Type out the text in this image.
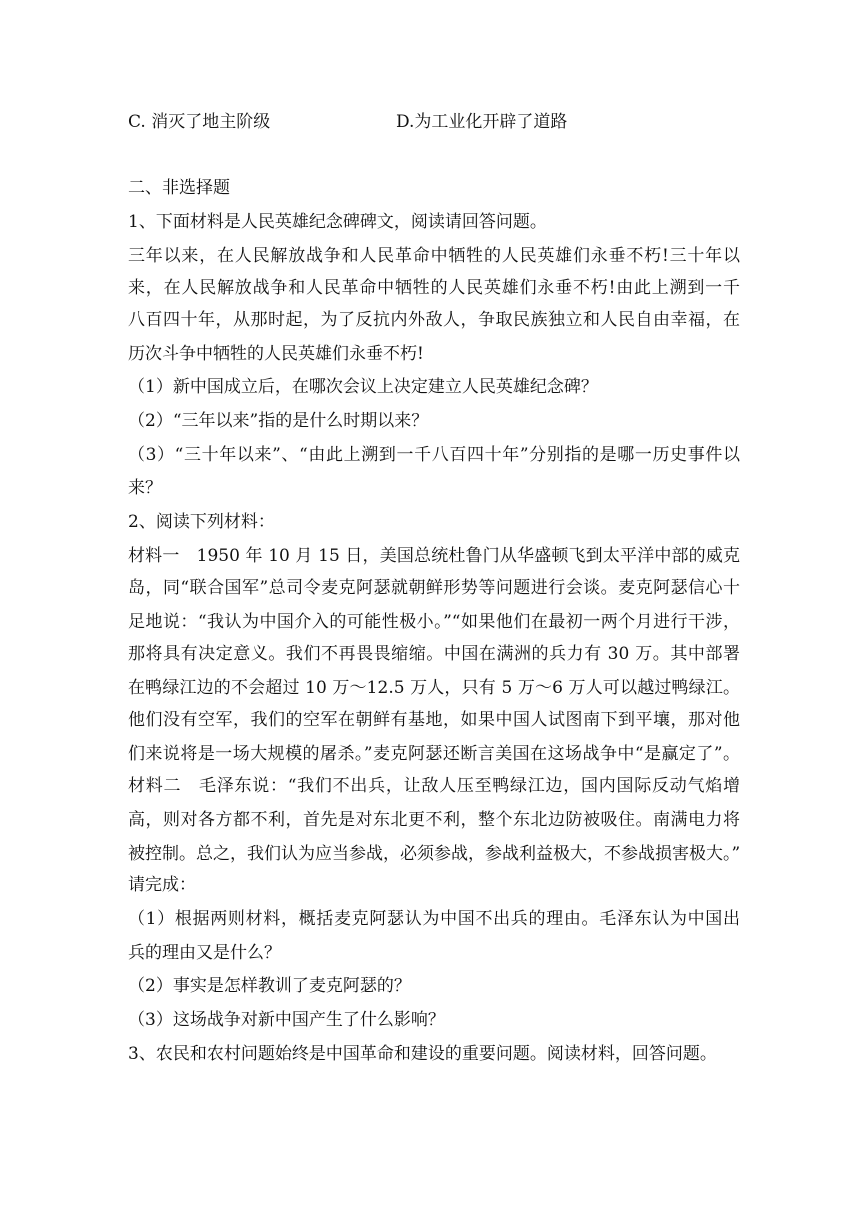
C. 消灭了地主阶级	D.为工业化开辟了道路
二、非选择题
1、下面材料是人民英雄纪念碑碑文，阅读请回答问题。
三年以来，在人民解放战争和人民革命中牺牲的人民英雄们永垂不朽!三十年以
来，在人民解放战争和人民革命中牺牲的人民英雄们永垂不朽!由此上溯到一千
八百四十年，从那时起，为了反抗内外敌人，争取民族独立和人民自由幸福，在
历次斗争中牺牲的人民英雄们永垂不朽!
（1）新中国成立后，在哪次会议上决定建立人民英雄纪念碑？
（2）“三年以来”指的是什么时期以来？
（3）“三十年以来”、“由此上溯到一千八百四十年”分别指的是哪一历史事件以
来？
2、阅读下列材料：
材料一　1950 年 10 月 15 日，美国总统杜鲁门从华盛顿飞到太平洋中部的威克
岛，同“联合国军”总司令麦克阿瑟就朝鲜形势等问题进行会谈。麦克阿瑟信心十
足地说：“我认为中国介入的可能性极小。”“如果他们在最初一两个月进行干涉，
那将具有决定意义。我们不再畏畏缩缩。中国在满洲的兵力有 30 万。其中部署
在鸭绿江边的不会超过 10 万～12.5 万人，只有 5 万～6 万人可以越过鸭绿江。
他们没有空军，我们的空军在朝鲜有基地，如果中国人试图南下到平壤，那对他
们来说将是一场大规模的屠杀。”麦克阿瑟还断言美国在这场战争中“是赢定了”。
材料二　毛泽东说：“我们不出兵，让敌人压至鸭绿江边，国内国际反动气焰增
高，则对各方都不利，首先是对东北更不利，整个东北边防被吸住。南满电力将
被控制。总之，我们认为应当参战，必须参战，参战利益极大，不参战损害极大。”
请完成：
（1）根据两则材料，概括麦克阿瑟认为中国不出兵的理由。毛泽东认为中国出
兵的理由又是什么？
（2）事实是怎样教训了麦克阿瑟的？
（3）这场战争对新中国产生了什么影响？
3、农民和农村问题始终是中国革命和建设的重要问题。阅读材料，回答问题。
